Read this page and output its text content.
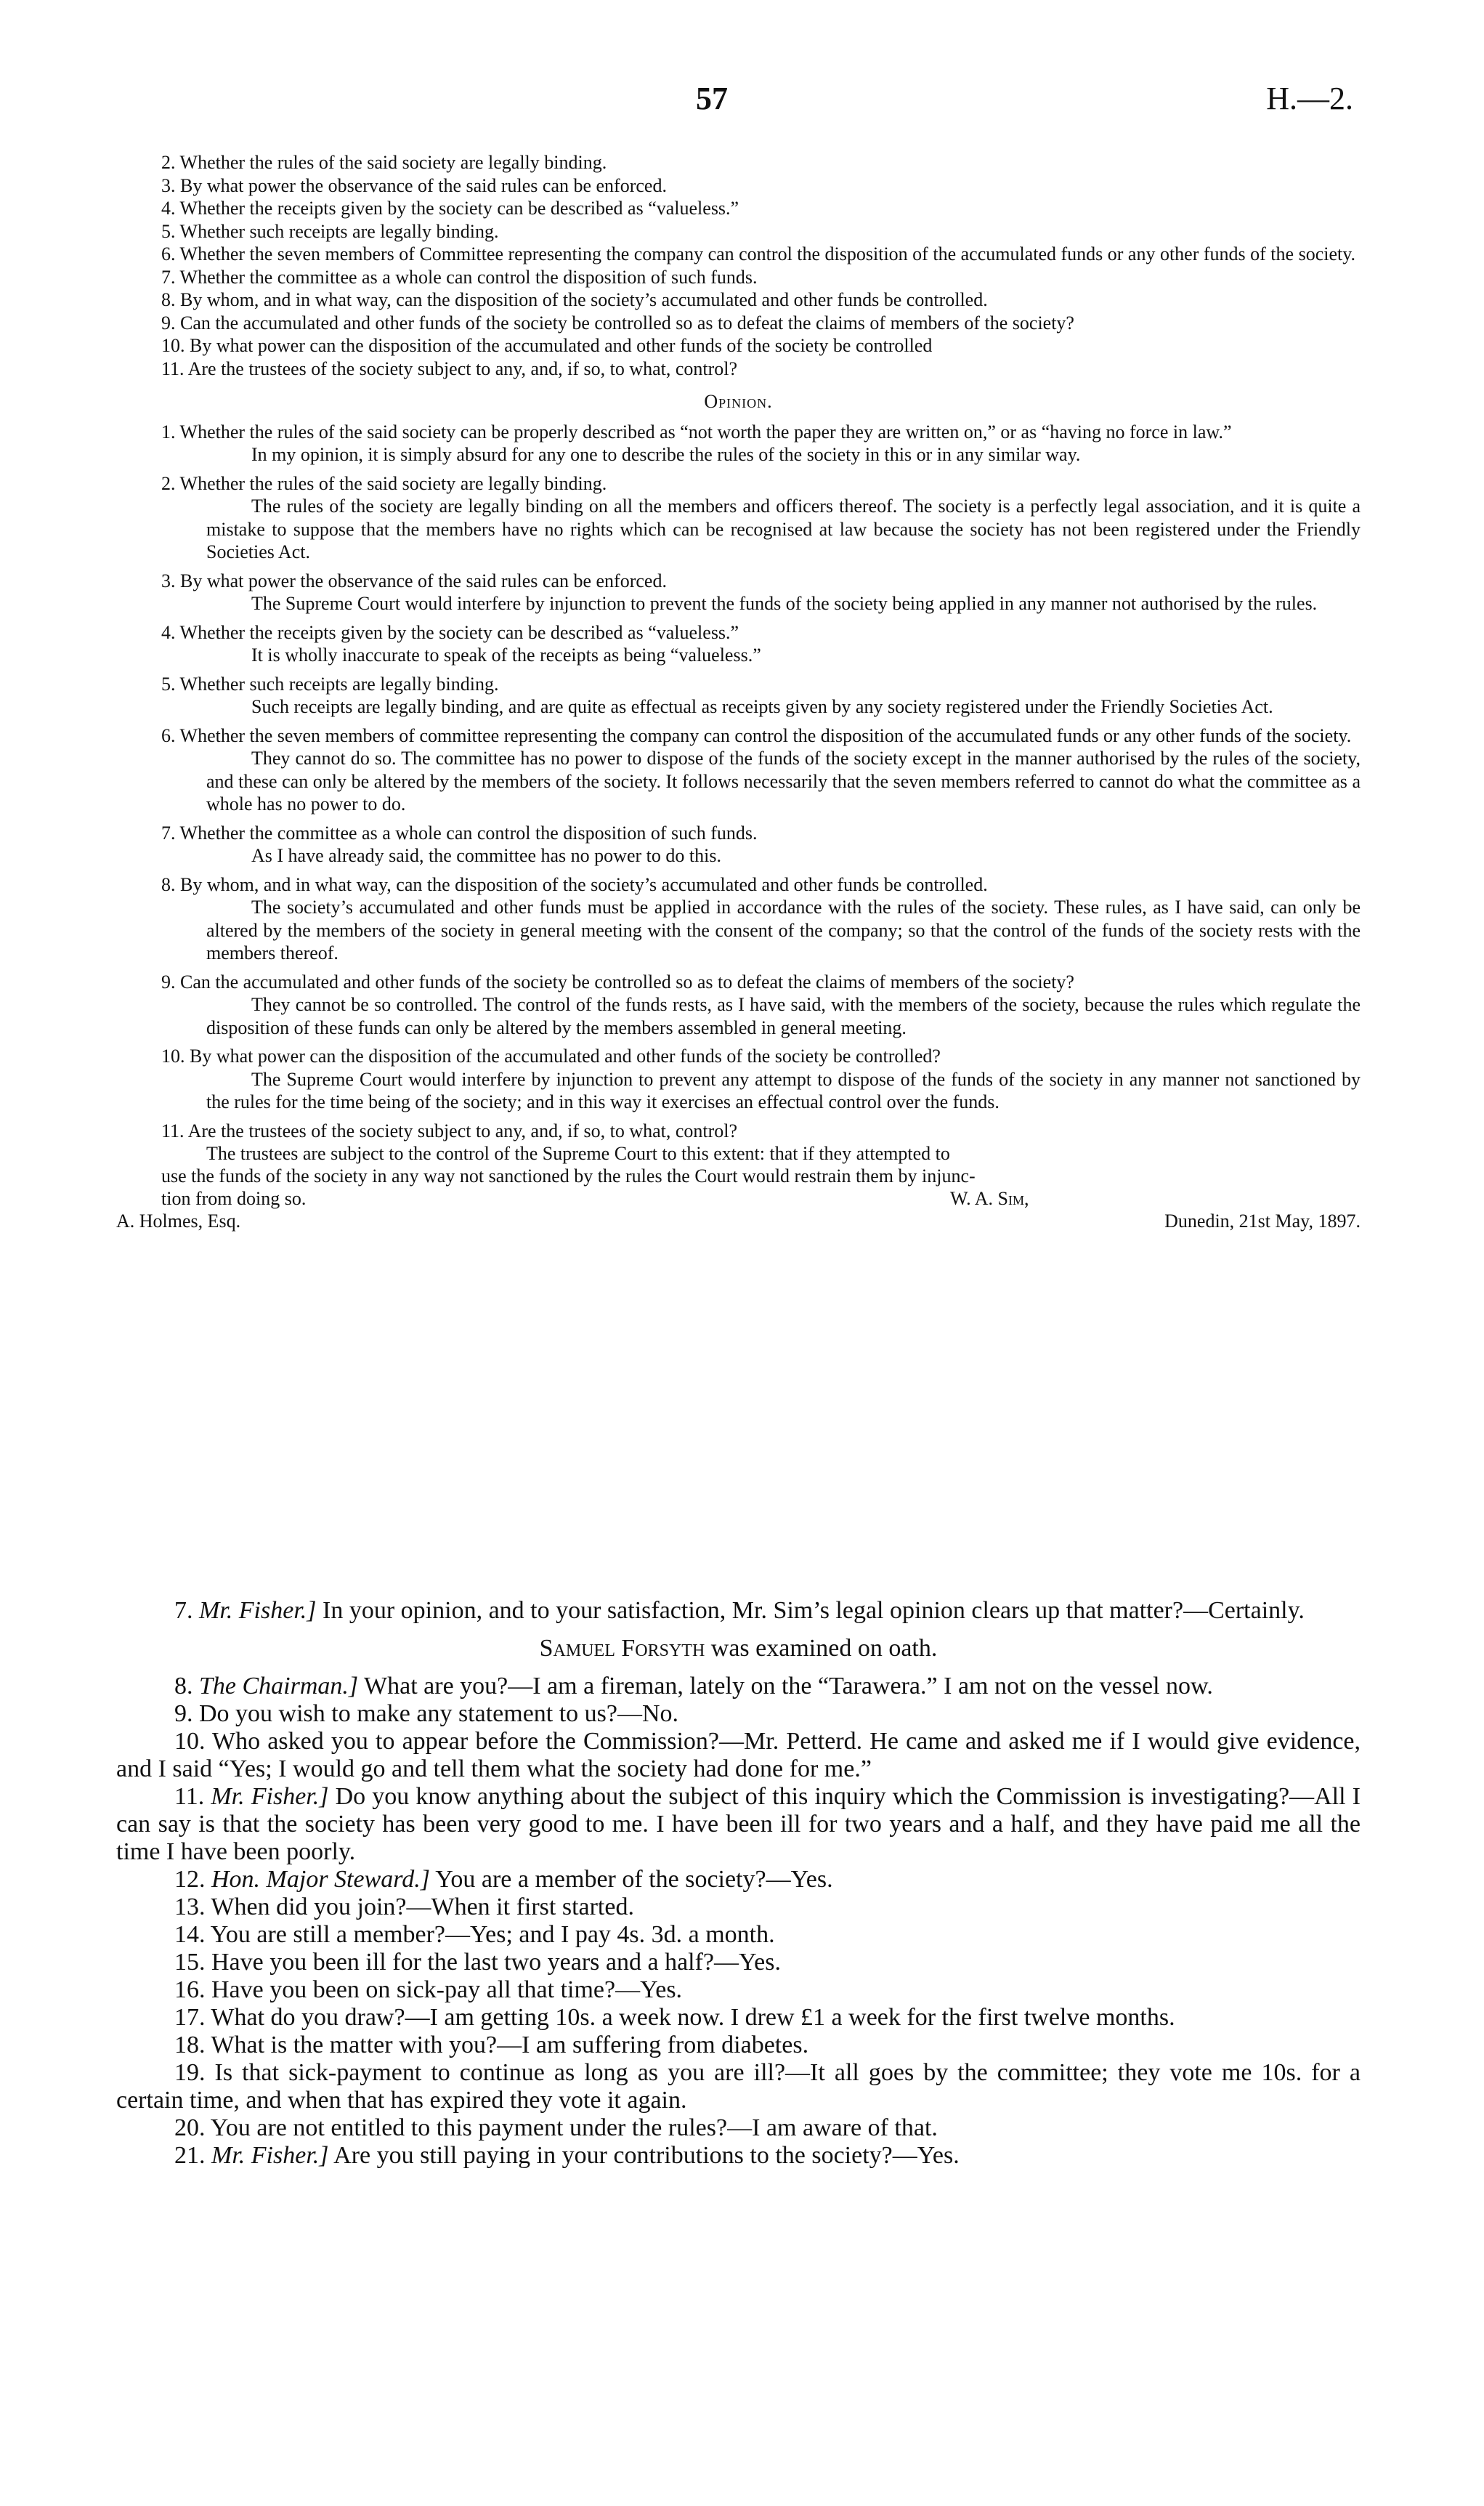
57	H.—2.

2. Whether the rules of the said society are legally binding.

3. By what power the observance of the said rules can be enforced.

4. Whether the receipts given by the society can be described as “valueless.”

5. Whether such receipts are legally binding.

6. Whether the seven members of Committee representing the company can control the disposition of the accumulated funds or any other funds of the society.

7. Whether the committee as a whole can control the disposition of such funds.

8. By whom, and in what way, can the disposition of the society’s accumulated and other funds be controlled.

9. Can the accumulated and other funds of the society be controlled so as to defeat the claims of members of the society?

10. By what power can the disposition of the accumulated and other funds of the society be controlled

11. Are the trustees of the society subject to any, and, if so, to what, control?

Opinion.

1. Whether the rules of the said society can be properly described as “not worth the paper they are written on,” or as “having no force in law.”

In my opinion, it is simply absurd for any one to describe the rules of the society in this or in any similar way.

2. Whether the rules of the said society are legally binding.

The rules of the society are legally binding on all the members and officers thereof. The society is a perfectly legal association, and it is quite a mistake to suppose that the members have no rights which can be recognised at law because the society has not been registered under the Friendly Societies Act.

3. By what power the observance of the said rules can be enforced.

The Supreme Court would interfere by injunction to prevent the funds of the society being applied in any manner not authorised by the rules.

4. Whether the receipts given by the society can be described as “valueless.”

It is wholly inaccurate to speak of the receipts as being “valueless.”

5. Whether such receipts are legally binding.

Such receipts are legally binding, and are quite as effectual as receipts given by any society registered under the Friendly Societies Act.

6. Whether the seven members of committee representing the company can control the disposition of the accumulated funds or any other funds of the society.

They cannot do so. The committee has no power to dispose of the funds of the society except in the manner authorised by the rules of the society, and these can only be altered by the members of the society. It follows necessarily that the seven members referred to cannot do what the committee as a whole has no power to do.

7. Whether the committee as a whole can control the disposition of such funds.

As I have already said, the committee has no power to do this.

8. By whom, and in what way, can the disposition of the society’s accumulated and other funds be controlled.

The society’s accumulated and other funds must be applied in accordance with the rules of the society. These rules, as I have said, can only be altered by the members of the society in general meeting with the consent of the company; so that the control of the funds of the society rests with the members thereof.

9. Can the accumulated and other funds of the society be controlled so as to defeat the claims of members of the society?

They cannot be so controlled. The control of the funds rests, as I have said, with the members of the society, because the rules which regulate the disposition of these funds can only be altered by the members assembled in general meeting.

10. By what power can the disposition of the accumulated and other funds of the society be controlled?

The Supreme Court would interfere by injunction to prevent any attempt to dispose of the funds of the society in any manner not sanctioned by the rules for the time being of the society; and in this way it exercises an effectual control over the funds.

11. Are the trustees of the society subject to any, and, if so, to what, control?

The trustees are subject to the control of the Supreme Court to this extent: that if they attempted to
use the funds of the society in any way not sanctioned by the rules the Court would restrain them by injunc-
tion from doing so.	W. A. Sim,
A. Holmes, Esq.	Dunedin, 21st May, 1897.

7. Mr. Fisher.] In your opinion, and to your satisfaction, Mr. Sim’s legal opinion clears up that matter?—Certainly.

Samuel Forsyth was examined on oath.

8. The Chairman.] What are you?—I am a fireman, lately on the “Tarawera.” I am not on the vessel now.

9. Do you wish to make any statement to us?—No.

10. Who asked you to appear before the Commission?—Mr. Petterd. He came and asked me if I would give evidence, and I said “Yes; I would go and tell them what the society had done for me.”

11. Mr. Fisher.] Do you know anything about the subject of this inquiry which the Commission is investigating?—All I can say is that the society has been very good to me. I have been ill for two years and a half, and they have paid me all the time I have been poorly.

12. Hon. Major Steward.] You are a member of the society?—Yes.

13. When did you join?—When it first started.

14. You are still a member?—Yes; and I pay 4s. 3d. a month.

15. Have you been ill for the last two years and a half?—Yes.

16. Have you been on sick-pay all that time?—Yes.

17. What do you draw?—I am getting 10s. a week now. I drew £1 a week for the first twelve months.

18. What is the matter with you?—I am suffering from diabetes.

19. Is that sick-payment to continue as long as you are ill?—It all goes by the committee; they vote me 10s. for a certain time, and when that has expired they vote it again.

20. You are not entitled to this payment under the rules?—I am aware of that.

21. Mr. Fisher.] Are you still paying in your contributions to the society?—Yes.
